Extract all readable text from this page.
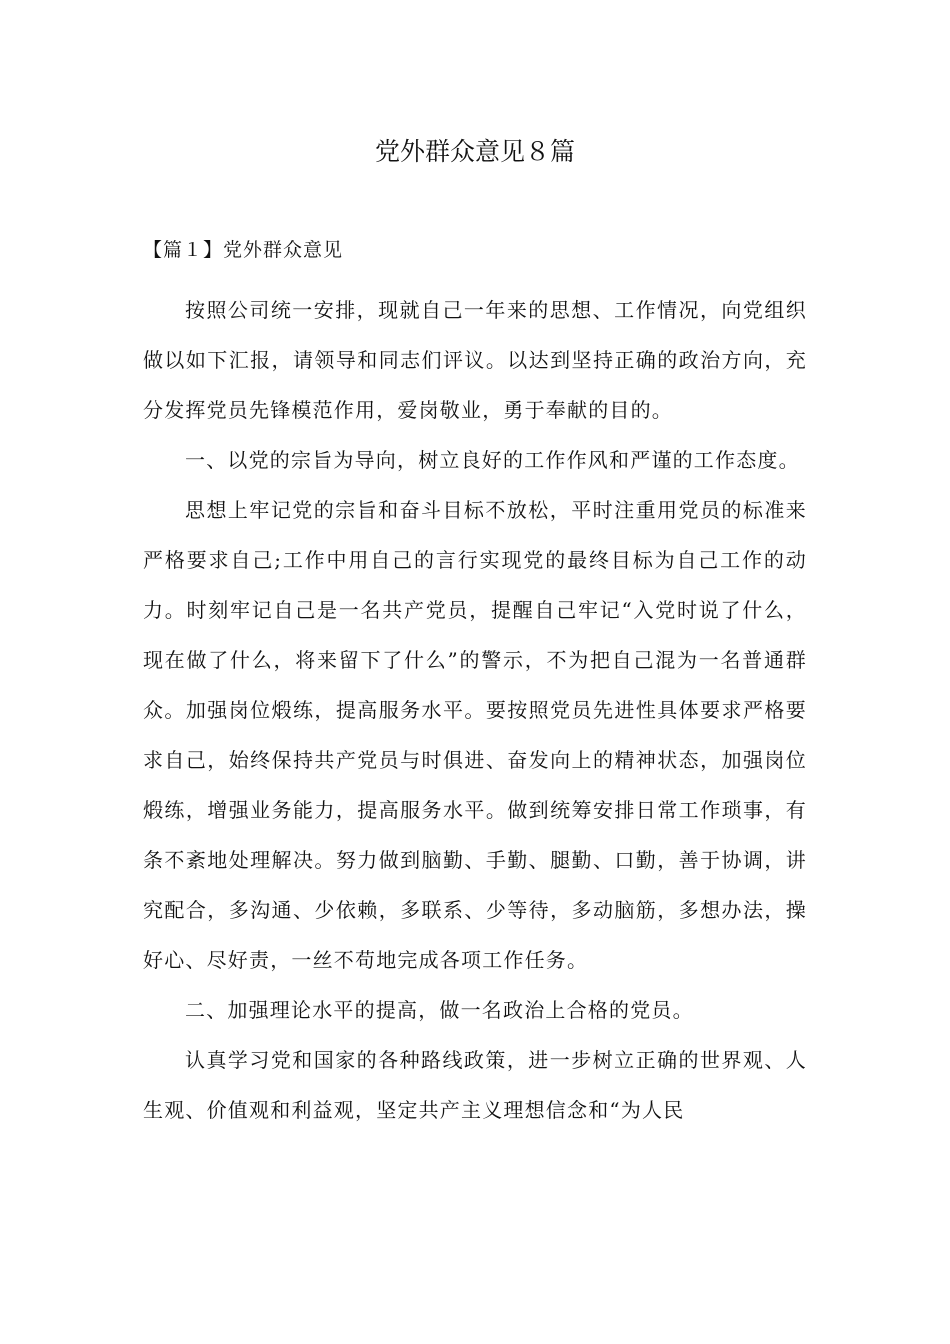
党外群众意见８篇
【篇１】党外群众意见

按照公司统一安排，现就自己一年来的思想、工作情况，向党组织做以如下汇报，请领导和同志们评议。以达到坚持正确的政治方向，充分发挥党员先锋模范作用，爱岗敬业，勇于奉献的目的。

一、以党的宗旨为导向，树立良好的工作作风和严谨的工作态度。

思想上牢记党的宗旨和奋斗目标不放松，平时注重用党员的标准来严格要求自己;工作中用自己的言行实现党的最终目标为自己工作的动力。时刻牢记自己是一名共产党员，提醒自己牢记“入党时说了什么，现在做了什么，将来留下了什么”的警示，不为把自己混为一名普通群众。加强岗位煅练，提高服务水平。要按照党员先进性具体要求严格要求自己，始终保持共产党员与时俱进、奋发向上的精神状态，加强岗位煅练，增强业务能力，提高服务水平。做到统筹安排日常工作琐事，有条不紊地处理解决。努力做到脑勤、手勤、腿勤、口勤，善于协调，讲究配合，多沟通、少依赖，多联系、少等待，多动脑筋，多想办法，操好心、尽好责，一丝不苟地完成各项工作任务。

二、加强理论水平的提高，做一名政治上合格的党员。

认真学习党和国家的各种路线政策，进一步树立正确的世界观、人生观、价值观和利益观，坚定共产主义理想信念和“为人民
